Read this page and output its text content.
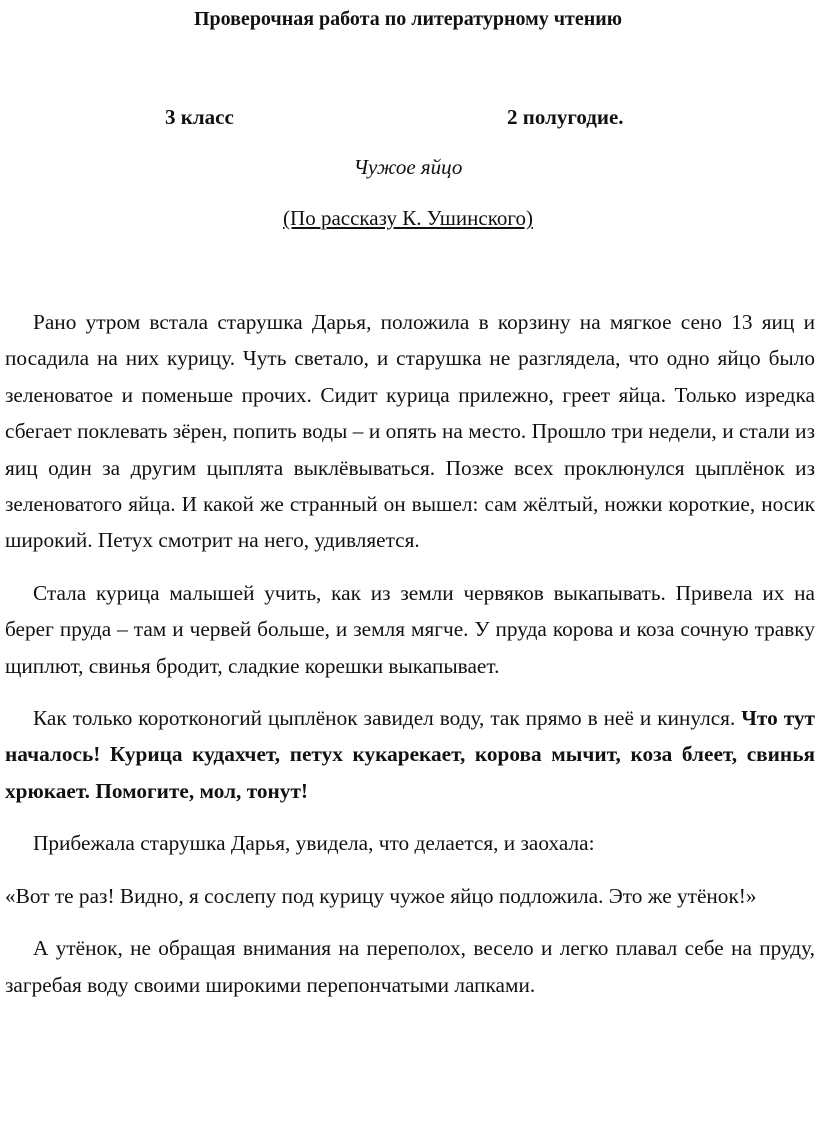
Проверочная работа по литературному чтению
3 класс	2 полугодие.
Чужое яйцо
(По рассказу К. Ушинского)

Рано утром встала старушка Дарья, положила в корзину на мягкое сено 13 яиц и посадила на них курицу. Чуть светало, и старушка не разглядела, что одно яйцо было зеленоватое и поменьше прочих. Сидит курица прилежно, греет яйца. Только изредка сбегает поклевать зёрен, попить воды – и опять на место. Прошло три недели, и стали из яиц один за другим цыплята выклёвываться. Позже всех проклюнулся цыплёнок из зеленоватого яйца. И какой же странный он вышел: сам жёлтый, ножки короткие, носик широкий. Петух смотрит на него, удивляется.

Стала курица малышей учить, как из земли червяков выкапывать. Привела их на берег пруда – там и червей больше, и земля мягче. У пруда корова и коза сочную травку щиплют, свинья бродит, сладкие корешки выкапывает.

Как только коротконогий цыплёнок завидел воду, так прямо в неё и кинулся. Что тут началось! Курица кудахчет, петух кукарекает, корова мычит, коза блеет, свинья хрюкает. Помогите, мол, тонут!

Прибежала старушка Дарья, увидела, что делается, и заохала:

«Вот те раз! Видно, я сослепу под курицу чужое яйцо подложила. Это же утёнок!»

А утёнок, не обращая внимания на переполох, весело и легко плавал себе на пруду, загребая воду своими широкими перепончатыми лапками.
